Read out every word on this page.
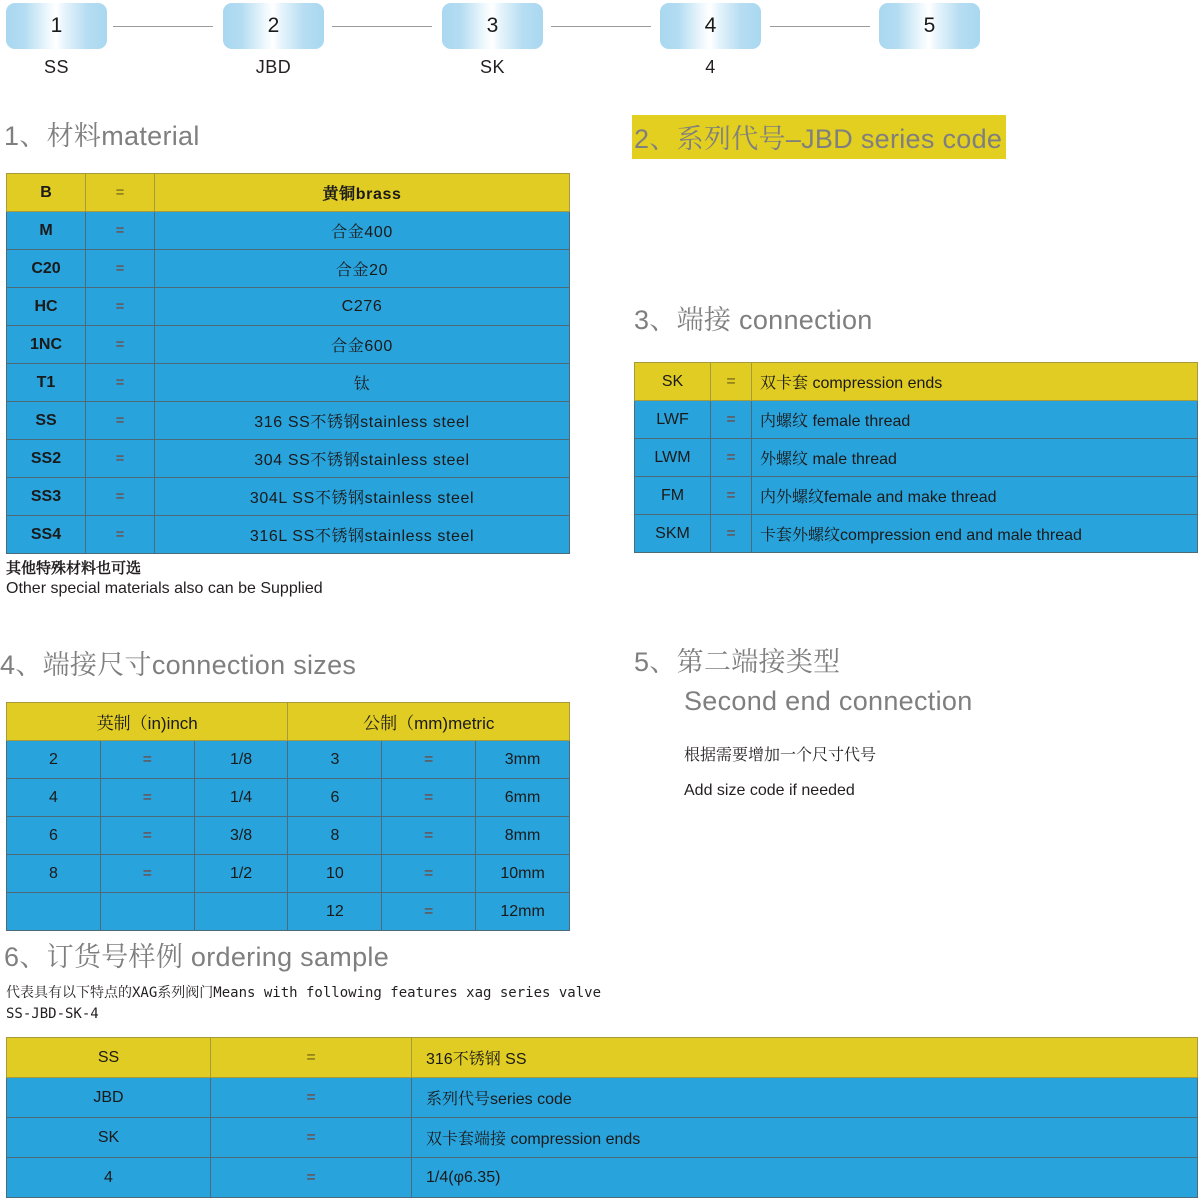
1
SS
2
JBD
3
SK
4
4
5
1、材料material
B	=	黄铜brass
M	=	合金400
C20	=	合金20
HC	=	C276
1NC	=	合金600
T1	=	钛
SS	=	316 SS不锈钢stainless steel
SS2	=	304 SS不锈钢stainless steel
SS3	=	304L SS不锈钢stainless steel
SS4	=	316L SS不锈钢stainless steel
其他特殊材料也可选
Other special materials also can be Supplied
2、系列代号–JBD series code
3、端接 connection
SK	=	双卡套 compression ends
LWF	=	内螺纹 female thread
LWM	=	外螺纹 male thread
FM	=	内外螺纹female and make thread
SKM	=	卡套外螺纹compression end and male thread
4、端接尺寸connection sizes
英制（in)inch			公制（mm)metric		
2	=	1/8	3	=	3mm
4	=	1/4	6	=	6mm
6	=	3/8	8	=	8mm
8	=	1/2	10	=	10mm
			12	=	12mm
5、第二端接类型
Second end connection
根据需要增加一个尺寸代号
Add size code if needed
6、订货号样例 ordering sample
代表具有以下特点的XAG系列阀门Means with following features xag series valve
SS-JBD-SK-4
SS	=	316不锈钢 SS
JBD	=	系列代号series code
SK	=	双卡套端接 compression ends
4	=	1/4(φ6.35)
